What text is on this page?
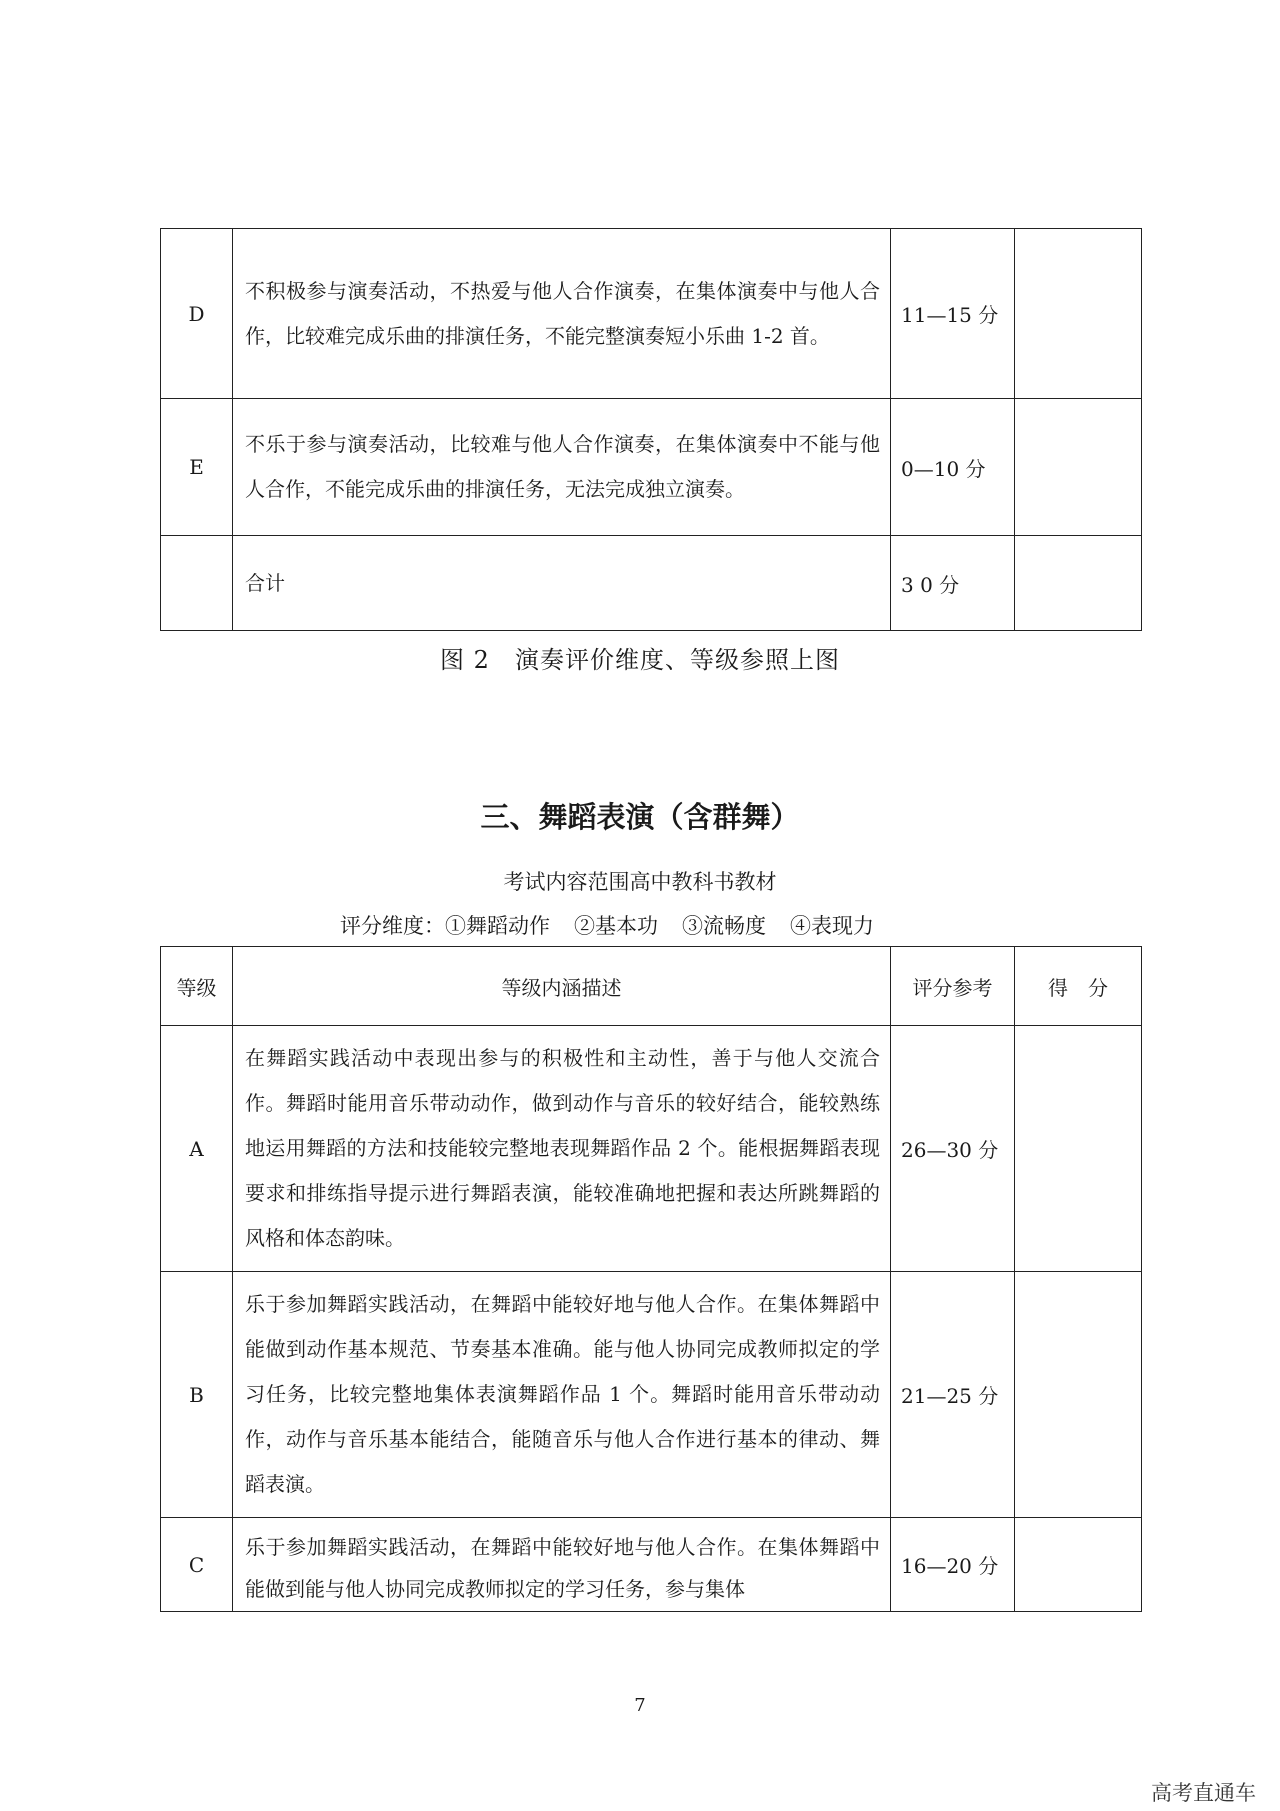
D	不积极参与演奏活动，不热爱与他人合作演奏，在集体演奏中与他人合作，比较难完成乐曲的排演任务，不能完整演奏短小乐曲 1-2 首。	11—15 分	
E	不乐于参与演奏活动，比较难与他人合作演奏，在集体演奏中不能与他人合作，不能完成乐曲的排演任务，无法完成独立演奏。	0—10 分	
	合计	3 0 分	
图 2　演奏评价维度、等级参照上图
三、舞蹈表演（含群舞）
考试内容范围高中教科书教材
评分维度：①舞蹈动作 ②基本功 ③流畅度 ④表现力
等级	等级内涵描述	评分参考	得　分
A	在舞蹈实践活动中表现出参与的积极性和主动性，善于与他人交流合作。舞蹈时能用音乐带动动作，做到动作与音乐的较好结合，能较熟练地运用舞蹈的方法和技能较完整地表现舞蹈作品 2 个。能根据舞蹈表现要求和排练指导提示进行舞蹈表演，能较准确地把握和表达所跳舞蹈的风格和体态韵味。	26—30 分	
B	乐于参加舞蹈实践活动，在舞蹈中能较好地与他人合作。在集体舞蹈中能做到动作基本规范、节奏基本准确。能与他人协同完成教师拟定的学习任务，比较完整地集体表演舞蹈作品 1 个。舞蹈时能用音乐带动动作，动作与音乐基本能结合，能随音乐与他人合作进行基本的律动、舞蹈表演。	21—25 分	
C	乐于参加舞蹈实践活动，在舞蹈中能较好地与他人合作。在集体舞蹈中能做到能与他人协同完成教师拟定的学习任务，参与集体	16—20 分	
7
高考直通车
